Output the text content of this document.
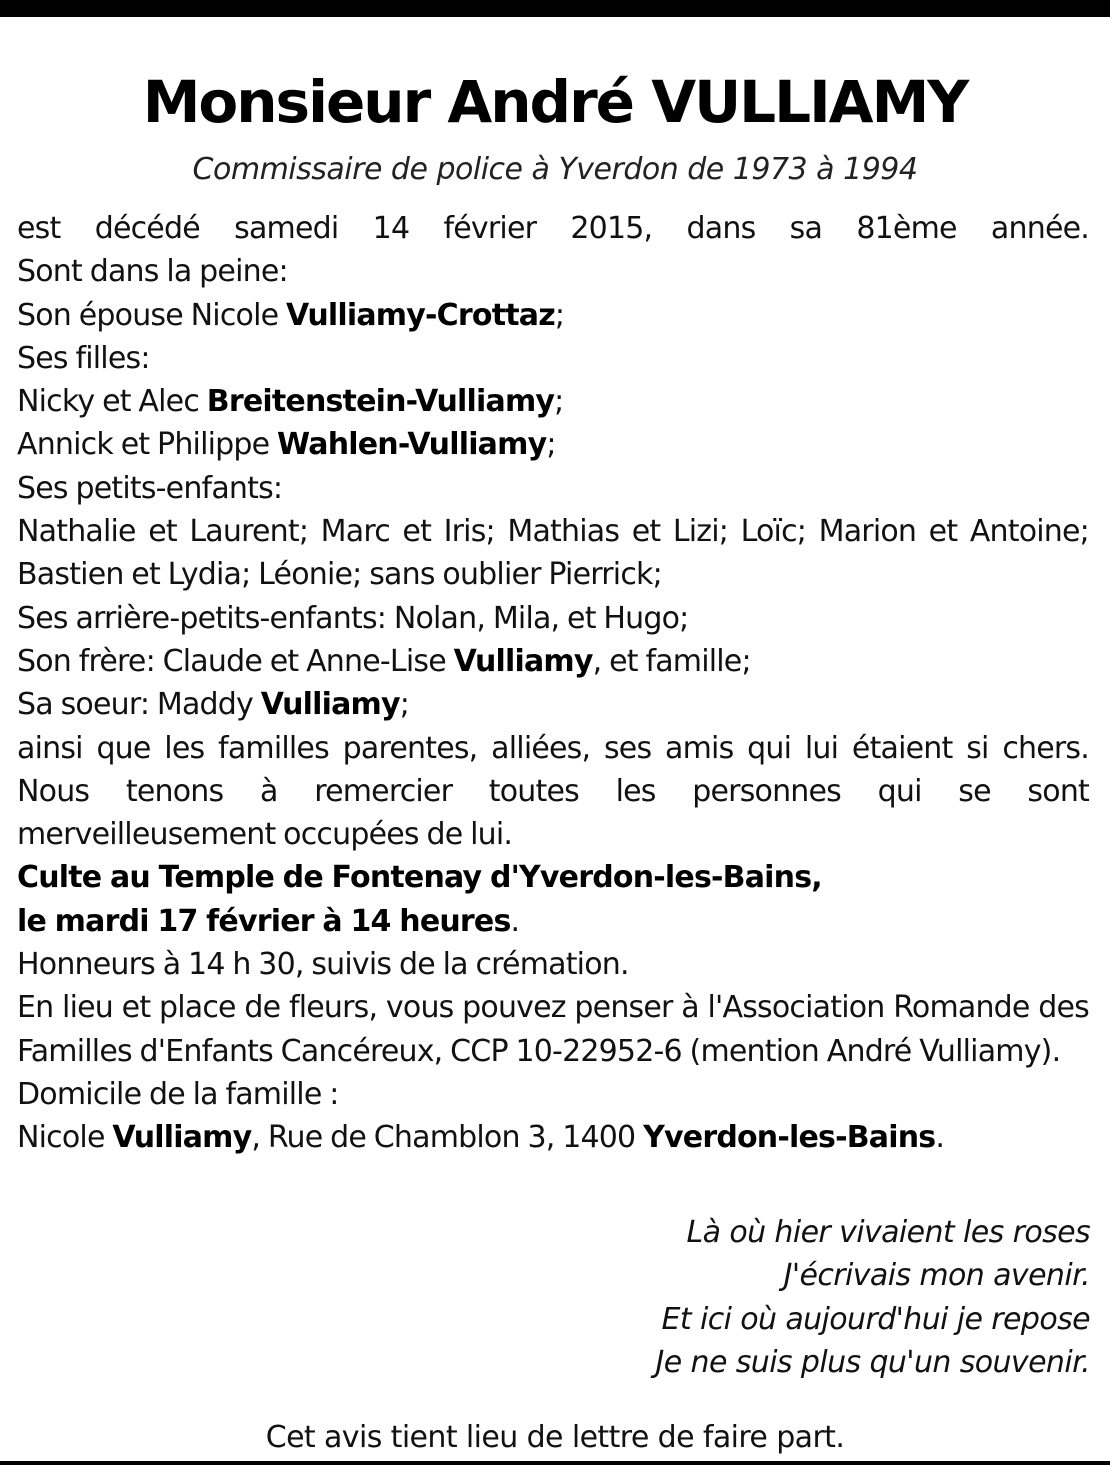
Monsieur André VULLIAMY
Commissaire de police à Yverdon de 1973 à 1994
est décédé samedi 14 février 2015, dans sa 81ème année.
Sont dans la peine:
Son épouse Nicole Vulliamy-Crottaz;
Ses filles:
Nicky et Alec Breitenstein-Vulliamy;
Annick et Philippe Wahlen-Vulliamy;
Ses petits-enfants:
Nathalie et Laurent; Marc et Iris; Mathias et Lizi; Loïc; Marion et Antoine; Bastien et Lydia; Léonie; sans oublier Pierrick;
Ses arrière-petits-enfants: Nolan, Mila, et Hugo;
Son frère: Claude et Anne-Lise Vulliamy, et famille;
Sa soeur: Maddy Vulliamy;
ainsi que les familles parentes, alliées, ses amis qui lui étaient si chers.
Nous tenons à remercier toutes les personnes qui se sont merveilleusement occupées de lui.
Culte au Temple de Fontenay d'Yverdon-les-Bains,
le mardi 17 février à 14 heures.
Honneurs à 14 h 30, suivis de la crémation.
En lieu et place de fleurs, vous pouvez penser à l'Association Romande des Familles d'Enfants Cancéreux, CCP 10-22952-6 (mention André Vulliamy).
Domicile de la famille :
Nicole Vulliamy, Rue de Chamblon 3, 1400 Yverdon-les-Bains.
Là où hier vivaient les roses
J'écrivais mon avenir.
Et ici où aujourd'hui je repose
Je ne suis plus qu'un souvenir.
Cet avis tient lieu de lettre de faire part.
